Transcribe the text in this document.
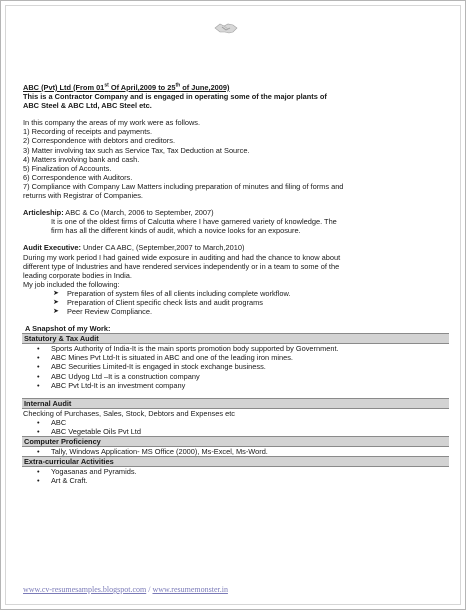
ABC (Pvt) Ltd (From 01st Of April,2009 to 25th of June,2009)
This is a Contractor Company and is engaged in operating some of the major plants of
ABC Steel & ABC Ltd, ABC Steel etc.
In this company the areas of my work were as follows.
1) Recording of receipts and payments.
2) Correspondence with debtors and creditors.
3) Matter involving tax such as Service Tax, Tax Deduction at Source.
4) Matters involving bank and cash.
5) Finalization of Accounts.
6) Correspondence with Auditors.
7) Compliance with Company Law Matters including preparation of minutes and filing of forms and
returns with Registrar of Companies.
Articleship: ABC & Co (March, 2006 to September, 2007)
It is one of the oldest firms of Calcutta where I have garnered variety of knowledge. The
firm has all the different kinds of audit, which a novice looks for an exposure.
Audit Executive: Under CA ABC, (September,2007 to March,2010)
During my work period I had gained wide exposure in auditing and had the chance to know about
different type of Industries and have rendered services independently or in a team to some of the
leading corporate bodies in India.
My job included the following:
➤ Preparation of system files of all clients including complete workflow.
➤ Preparation of Client specific check lists and audit programs
➤ Peer Review Compliance.
A Snapshot of my Work:
Statutory & Tax Audit
• Sports Authority of India-It is the main sports promotion body supported by Government.
• ABC Mines Pvt Ltd-It is situated in ABC and one of the leading iron mines.
• ABC Securities Limited-It is engaged in stock exchange business.
• ABC Udyog Ltd –It is a construction company
• ABC Pvt Ltd-It is an investment company
Internal Audit
Checking of Purchases, Sales, Stock, Debtors and Expenses etc
• ABC
• ABC Vegetable Oils Pvt Ltd
Computer Proficiency
• Tally, Windows Application- MS Office (2000), Ms-Excel, Ms-Word.
Extra-curricular Activities
• Yogasanas and Pyramids.
• Art & Craft.
www.cv-resumesamples.blogspot.com / www.resumemonster.in
